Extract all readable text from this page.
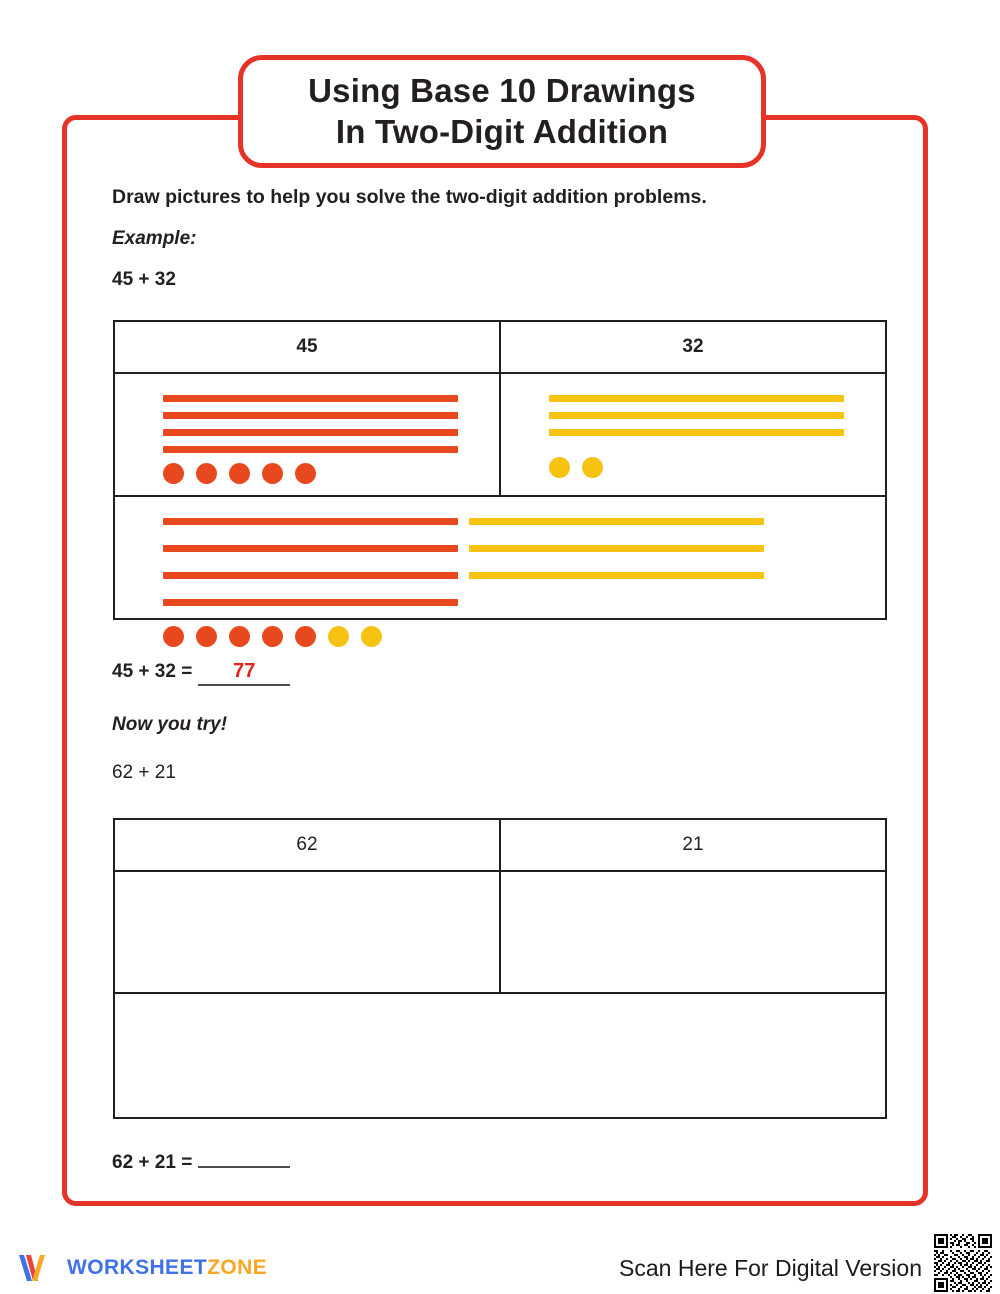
Using Base 10 Drawings
In Two-Digit Addition
Draw pictures to help you solve the two-digit addition problems.
Example:
45 + 32
45	32
45 + 32 =	77
Now you try!
62 + 21
62	21
62 + 21 =
WORKSHEETZONE	Scan Here For Digital Version
